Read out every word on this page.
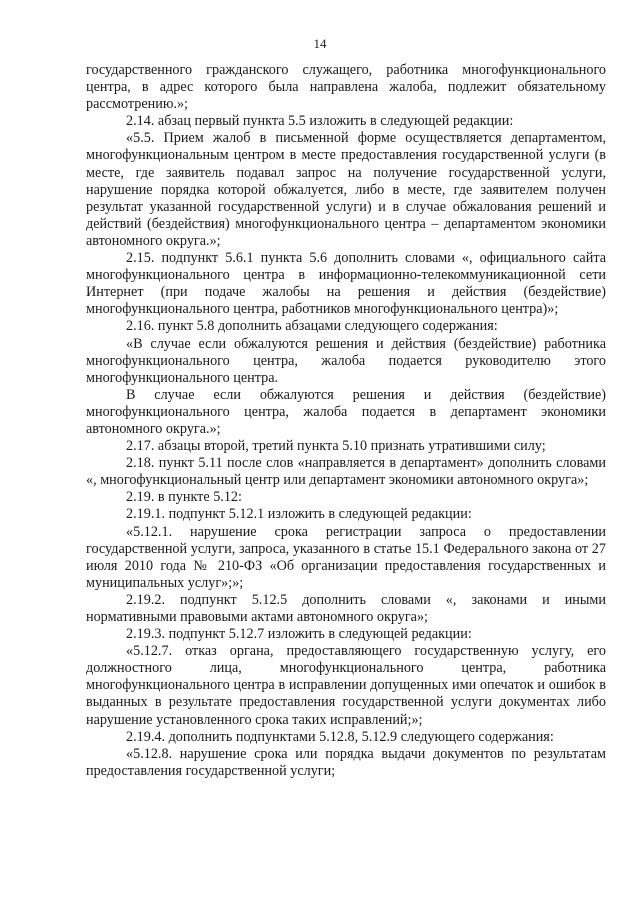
14

государственного гражданского служащего, работника многофункционального центра, в адрес которого была направлена жалоба, подлежит обязательному рассмотрению.»;

2.14. абзац первый пункта 5.5 изложить в следующей редакции:

«5.5. Прием жалоб в письменной форме осуществляется департаментом, многофункциональным центром в месте предоставления государственной услуги (в месте, где заявитель подавал запрос на получение государственной услуги, нарушение порядка которой обжалуется, либо в месте, где заявителем получен результат указанной государственной услуги) и в случае обжалования решений и действий (бездействия) многофункционального центра – департаментом экономики автономного округа.»;

2.15. подпункт 5.6.1 пункта 5.6 дополнить словами «, официального сайта многофункционального центра в информационно-телекоммуникационной сети Интернет (при подаче жалобы на решения и действия (бездействие) многофункционального центра, работников многофункционального центра)»;

2.16. пункт 5.8 дополнить абзацами следующего содержания:

«В случае если обжалуются решения и действия (бездействие) работника многофункционального центра, жалоба подается руководителю этого многофункционального центра.

В случае если обжалуются решения и действия (бездействие) многофункционального центра, жалоба подается в департамент экономики автономного округа.»;

2.17. абзацы второй, третий пункта 5.10 признать утратившими силу;

2.18. пункт 5.11 после слов «направляется в департамент» дополнить словами «, многофункциональный центр или департамент экономики автономного округа»;

2.19. в пункте 5.12:

2.19.1. подпункт 5.12.1 изложить в следующей редакции:

«5.12.1. нарушение срока регистрации запроса о предоставлении государственной услуги, запроса, указанного в статье 15.1 Федерального закона от 27 июля 2010 года № 210-ФЗ «Об организации предоставления государственных и муниципальных услуг»;»;

2.19.2. подпункт 5.12.5 дополнить словами «, законами и иными нормативными правовыми актами автономного округа»;

2.19.3. подпункт 5.12.7 изложить в следующей редакции:

«5.12.7. отказ органа, предоставляющего государственную услугу, его должностного лица, многофункционального центра, работника многофункционального центра в исправлении допущенных ими опечаток и ошибок в выданных в результате предоставления государственной услуги документах либо нарушение установленного срока таких исправлений;»;

2.19.4. дополнить подпунктами 5.12.8, 5.12.9 следующего содержания:

«5.12.8. нарушение срока или порядка выдачи документов по результатам предоставления государственной услуги;
